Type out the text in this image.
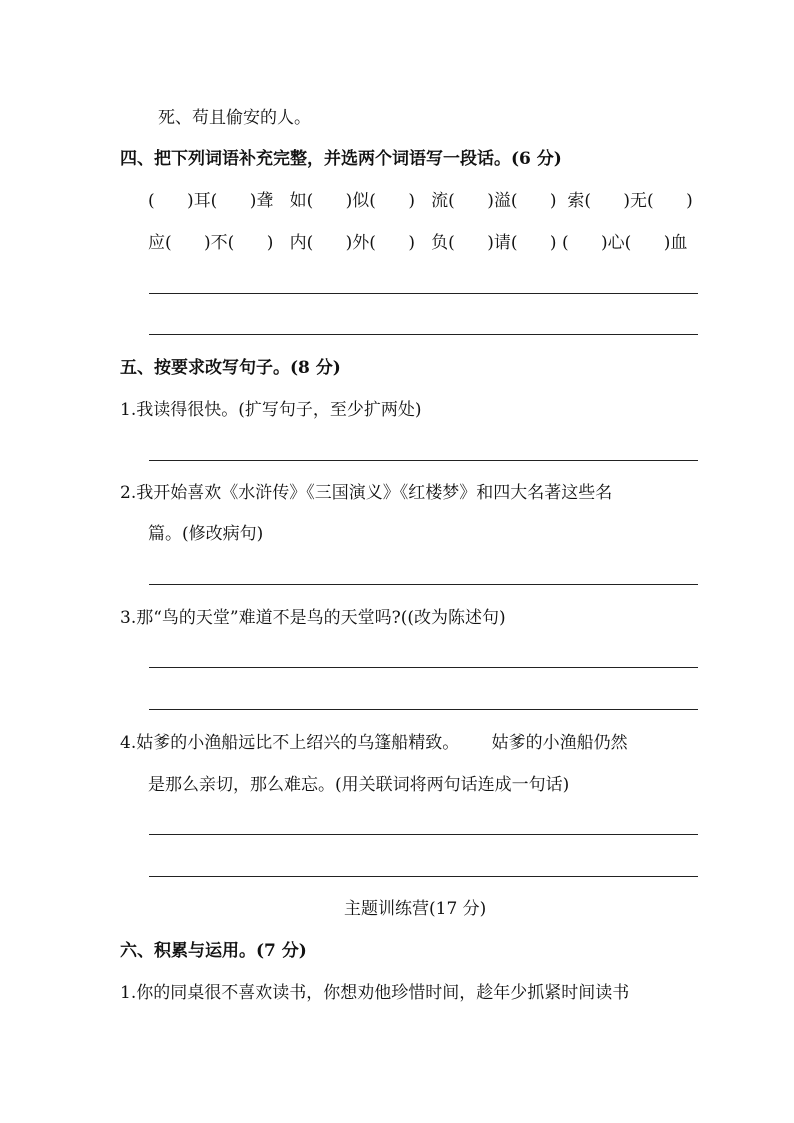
死、苟且偷安的人。
四、把下列词语补充完整，并选两个词语写一段话。(6 分)
(      )耳(      )聋   如(      )似(      )   流(      )溢(      )  索(      )无(      )
应(      )不(      )   内(      )外(      )   负(      )请(      ) (      )心(      )血
五、按要求改写句子。(8 分)
1.我读得很快。(扩写句子，至少扩两处)
2.我开始喜欢《水浒传》《三国演义》《红楼梦》和四大名著这些名
篇。(修改病句)
3.那“鸟的天堂”难道不是鸟的天堂吗?((改为陈述句)
4.姑爹的小渔船远比不上绍兴的乌篷船精致。      姑爹的小渔船仍然
是那么亲切，那么难忘。(用关联词将两句话连成一句话)
主题训练营(17 分)
六、积累与运用。(7 分)
1.你的同桌很不喜欢读书，你想劝他珍惜时间，趁年少抓紧时间读书
